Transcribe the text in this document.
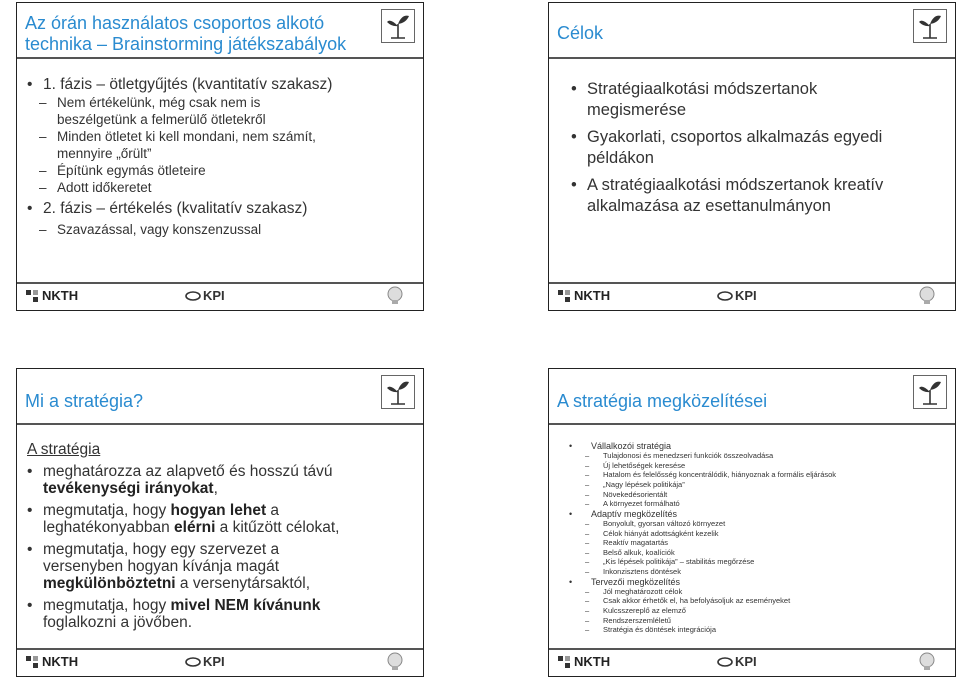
Az órán használatos csoportos alkotó
technika – Brainstorming játékszabályok
• 1. fázis – ötletgyűjtés (kvantitatív szakasz)
– Nem értékelünk, még csak nem is
beszélgetünk a felmerülő ötletekről
– Minden ötletet ki kell mondani, nem számít,
mennyire „őrült”
– Építünk egymás ötleteire
– Adott időkeretet
• 2. fázis – értékelés (kvalitatív szakasz)
– Szavazással, vagy konszenzussal
NKTH	KPI
Célok
• Stratégiaalkotási módszertanok
megismerése
• Gyakorlati, csoportos alkalmazás egyedi
példákon
• A stratégiaalkotási módszertanok kreatív
alkalmazása az esettanulmányon
NKTH	KPI
Mi a stratégia?
A stratégia
• meghatározza az alapvető és hosszú távú
tevékenységi irányokat,
• megmutatja, hogy hogyan lehet a
leghatékonyabban elérni a kitűzött célokat,
• megmutatja, hogy egy szervezet a
versenyben hogyan kívánja magát
megkülönböztetni a versenytársaktól,
• megmutatja, hogy mivel NEM kívánunk
foglalkozni a jövőben.
NKTH	KPI
A stratégia megközelítései
•	Vállalkozói stratégia
–	Tulajdonosi és menedzseri funkciók összeolvadása
–	Új lehetőségek keresése
–	Hatalom és felelősség koncentrálódik, hiányoznak a formális eljárások
–	„Nagy lépések politikája”
–	Növekedésorientált
–	A környezet formálható
•	Adaptív megközelítés
–	Bonyolult, gyorsan változó környezet
–	Célok hiányát adottságként kezelik
–	Reaktív magatartás
–	Belső alkuk, koalíciók
–	„Kis lépések politikája” – stabilitás megőrzése
–	Inkonzisztens döntések
•	Tervezői megközelítés
–	Jól meghatározott célok
–	Csak akkor érhetők el, ha befolyásoljuk az eseményeket
–	Kulcsszereplő az elemző
–	Rendszerszemléletű
–	Stratégia és döntések integrációja
NKTH	KPI
